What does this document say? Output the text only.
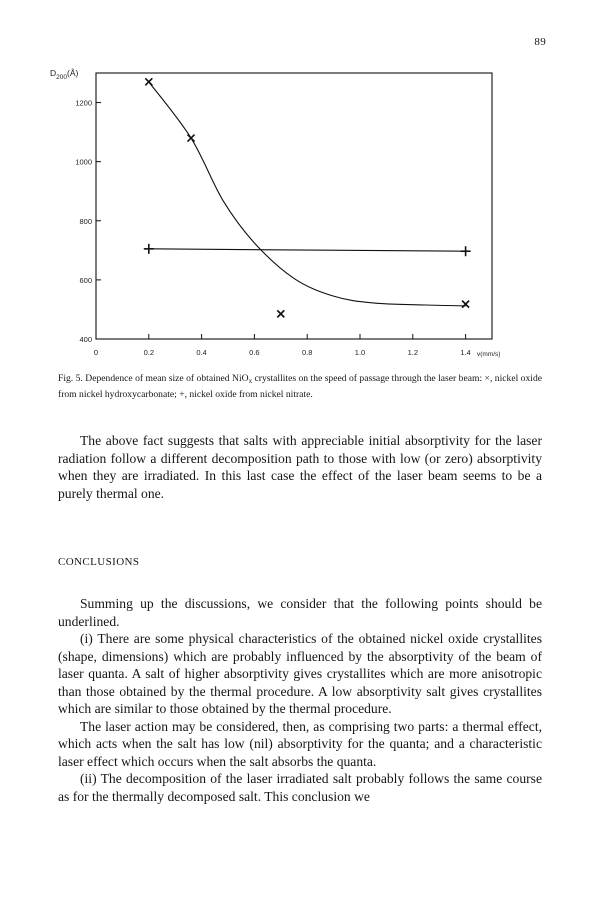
89
400
600
800
1000
1200
0	0.2	0.4	0.6	0.8	1.0	1.2	1.4
$D_{200}(Å)$
v(mm/s)
Fig. 5. Dependence of mean size of obtained NiO$_x$ crystallites on the speed of passage through the laser beam: ×, nickel oxide from nickel hydroxycarbonate; +, nickel oxide from nickel nitrate.

The above fact suggests that salts with appreciable initial absorptivity for the laser radiation follow a different decomposition path to those with low (or zero) absorptivity when they are irradiated. In this last case the effect of the laser beam seems to be a purely thermal one.

CONCLUSIONS

Summing up the discussions, we consider that the following points should be underlined.

(i) There are some physical characteristics of the obtained nickel oxide crystallites (shape, dimensions) which are probably influenced by the absorptivity of the beam of laser quanta. A salt of higher absorptivity gives crystallites which are more anisotropic than those obtained by the thermal procedure. A low absorptivity salt gives crystallites which are similar to those obtained by the thermal procedure.

The laser action may be considered, then, as comprising two parts: a thermal effect, which acts when the salt has low (nil) absorptivity for the quanta; and a characteristic laser effect which occurs when the salt absorbs the quanta.

(ii) The decomposition of the laser irradiated salt probably follows the same course as for the thermally decomposed salt. This conclusion we
